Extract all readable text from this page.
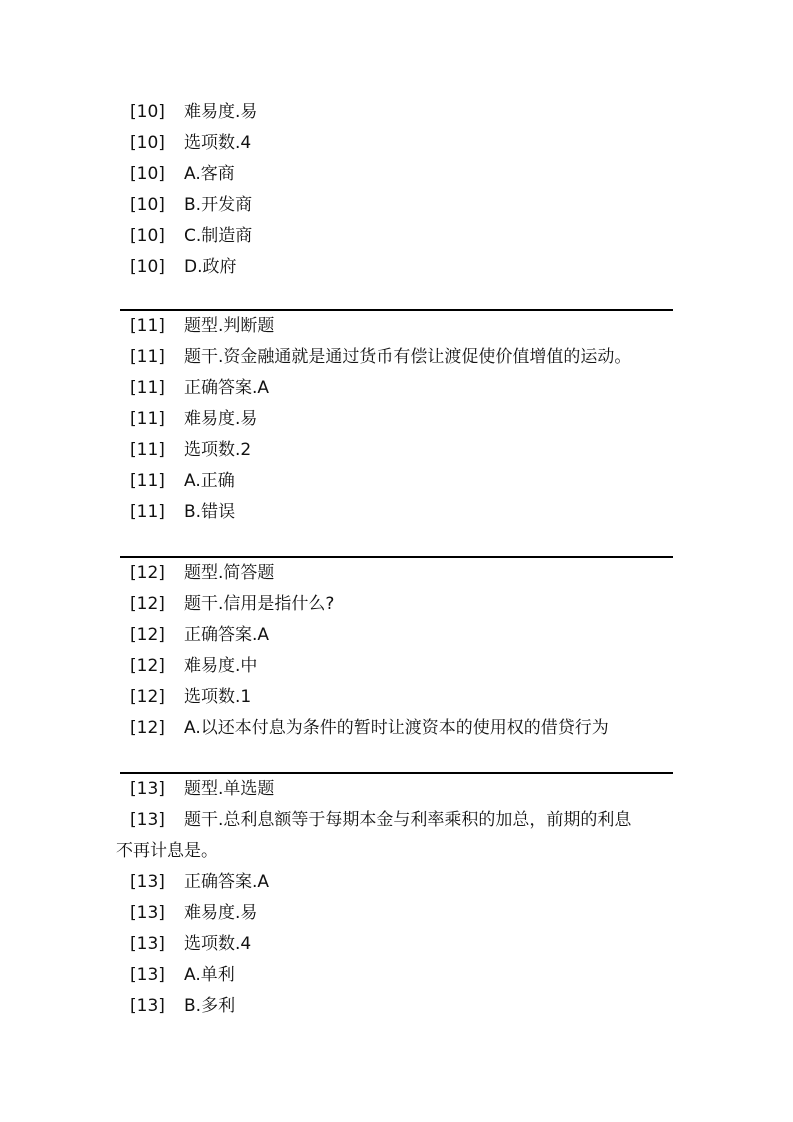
[10] 难易度.易
[10] 选项数.4
[10] A.客商
[10] B.开发商
[10] C.制造商
[10] D.政府
[11] 题型.判断题
[11] 题干.资金融通就是通过货币有偿让渡促使价值增值的运动。
[11] 正确答案.A
[11] 难易度.易
[11] 选项数.2
[11] A.正确
[11] B.错误
[12] 题型.简答题
[12] 题干.信用是指什么?
[12] 正确答案.A
[12] 难易度.中
[12] 选项数.1
[12] A.以还本付息为条件的暂时让渡资本的使用权的借贷行为
[13] 题型.单选题
[13] 题干.总利息额等于每期本金与利率乘积的加总，前期的利息
不再计息是。
[13] 正确答案.A
[13] 难易度.易
[13] 选项数.4
[13] A.单利
[13] B.多利
